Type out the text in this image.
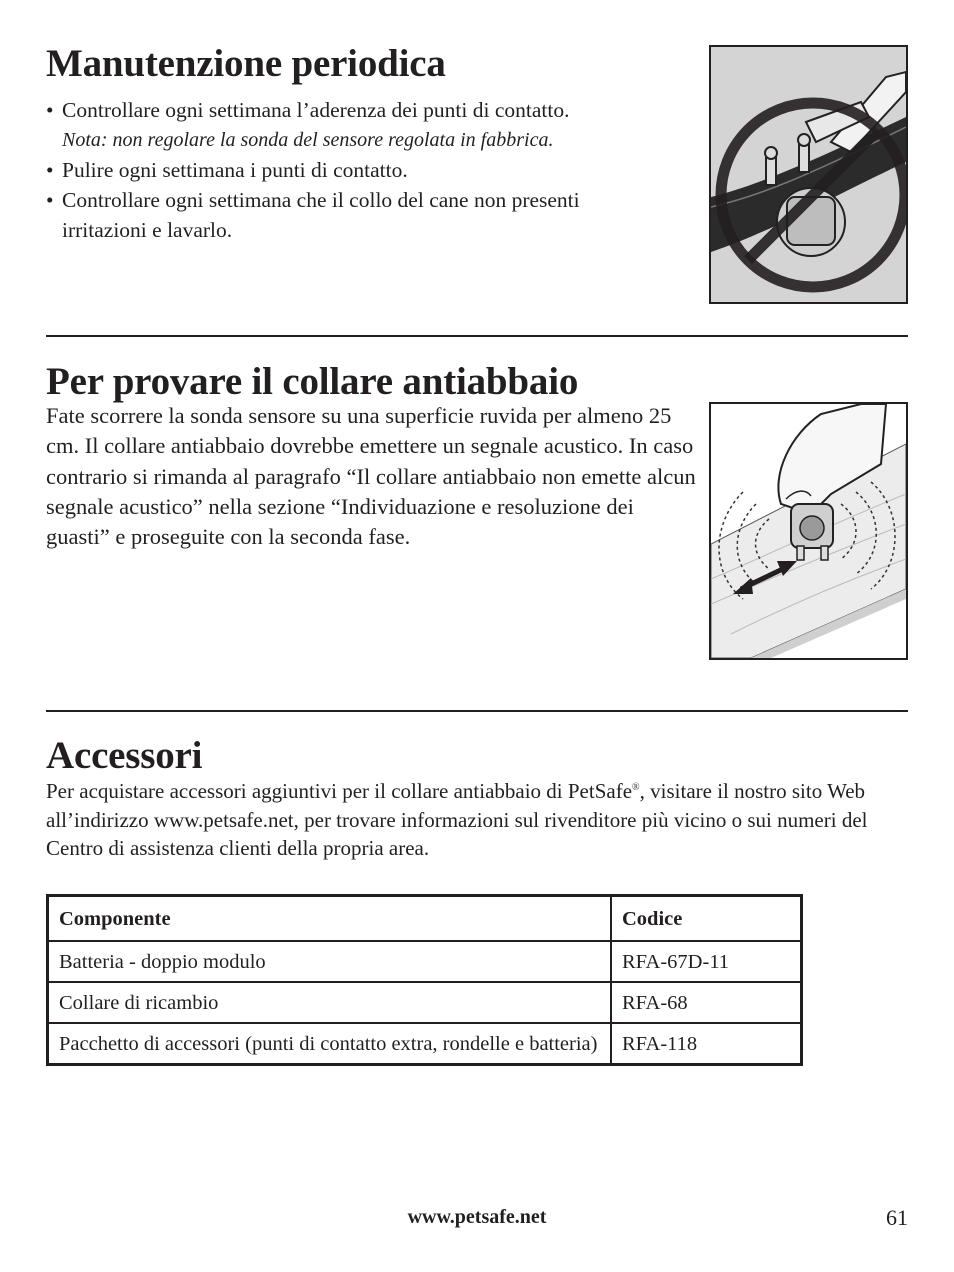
Manutenzione periodica
• Controllare ogni settimana l’aderenza dei punti di contatto.
Nota: non regolare la sonda del sensore regolata in fabbrica.
• Pulire ogni settimana i punti di contatto.
• Controllare ogni settimana che il collo del cane non presenti irritazioni e lavarlo.
Per provare il collare antiabbaio

Fate scorrere la sonda sensore su una superficie ruvida per almeno 25 cm. Il collare antiabbaio dovrebbe emettere un segnale acustico. In caso contrario si rimanda al paragrafo “Il collare antiabbaio non emette alcun segnale acustico” nella sezione “Individuazione e resoluzione dei guasti” e proseguite con la seconda fase.

Accessori

Per acquistare accessori aggiuntivi per il collare antiabbaio di PetSafe®, visitare il nostro sito Web all’indirizzo www.petsafe.net, per trovare informazioni sul rivenditore più vicino o sui numeri del Centro di assistenza clienti della propria area.

Componente	Codice
Batteria - doppio modulo	RFA-67D-11
Collare di ricambio	RFA-68
Pacchetto di accessori (punti di contatto extra, rondelle e batteria)	RFA-118
www.petsafe.net	61
